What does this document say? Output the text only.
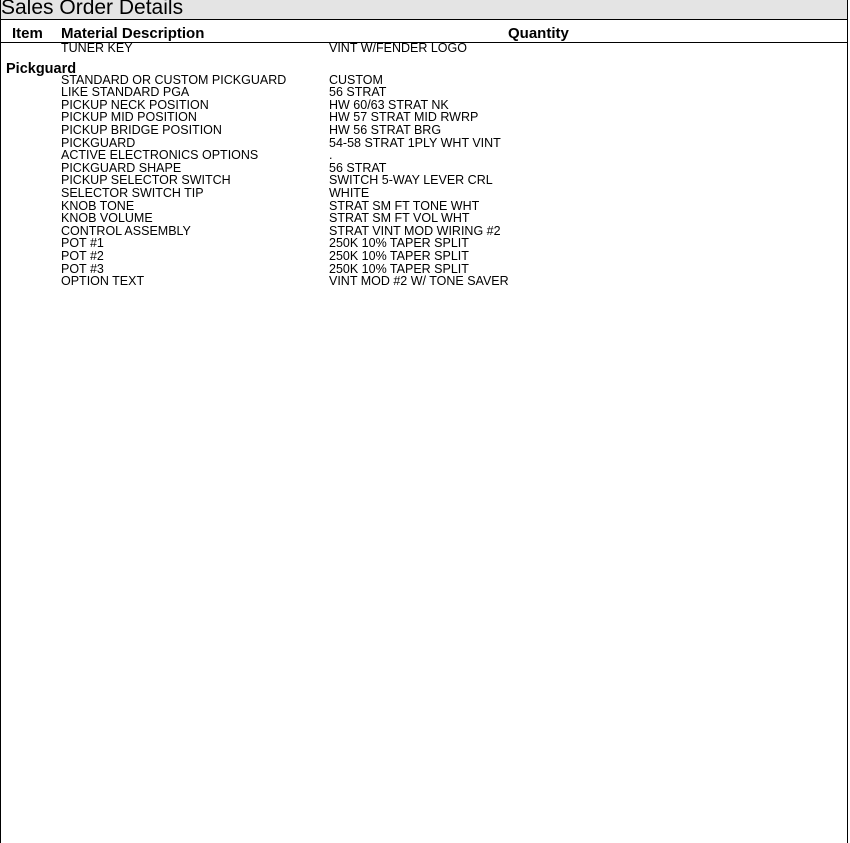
Sales Order Details
Item Material Description	Quantity
TUNER KEY	VINT W/FENDER LOGO
Pickguard
STANDARD OR CUSTOM PICKGUARD	CUSTOM
LIKE STANDARD PGA	56 STRAT
PICKUP NECK POSITION	HW 60/63 STRAT NK
PICKUP MID POSITION	HW 57 STRAT MID RWRP
PICKUP BRIDGE POSITION	HW 56 STRAT BRG
PICKGUARD	54-58 STRAT 1PLY WHT VINT
ACTIVE ELECTRONICS OPTIONS	.
PICKGUARD SHAPE	56 STRAT
PICKUP SELECTOR SWITCH	SWITCH 5-WAY LEVER CRL
SELECTOR SWITCH TIP	WHITE
KNOB TONE	STRAT SM FT TONE WHT
KNOB VOLUME	STRAT SM FT VOL WHT
CONTROL ASSEMBLY	STRAT VINT MOD WIRING #2
POT #1	250K 10% TAPER SPLIT
POT #2	250K 10% TAPER SPLIT
POT #3	250K 10% TAPER SPLIT
OPTION TEXT	VINT MOD #2 W/ TONE SAVER
